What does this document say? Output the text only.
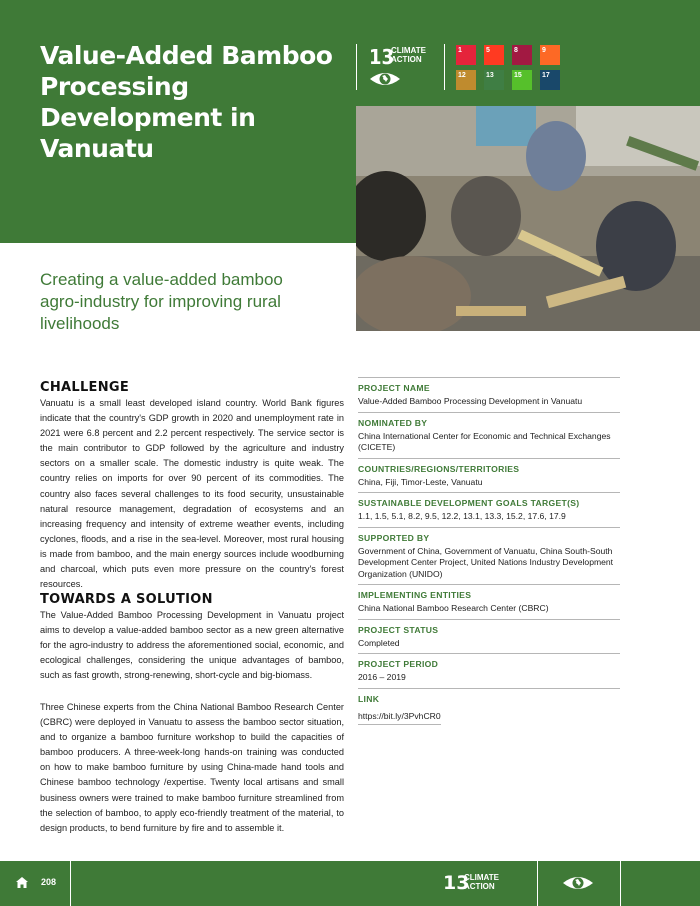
Value-Added Bamboo Processing Development in Vanuatu
13
CLIMATE
ACTION
1	5	8	9
12	13	15	17
Creating a value-added bamboo agro-industry for improving rural livelihoods
CHALLENGE

Vanuatu is a small least developed island country. World Bank figures indicate that the country's GDP growth in 2020 and unemployment rate in 2021 were 6.8 percent and 2.2 percent respectively. The service sector is the main contributor to GDP followed by the agriculture and industry sectors on a smaller scale. The domestic industry is quite weak. The country relies on imports for over 90 percent of its commodities. The country also faces several challenges to its food security, unsustainable natural resource management, degradation of ecosystems and an increasing frequency and intensity of extreme weather events, including cyclones, floods, and a rise in the sea-level. Moreover, most rural housing is made from bamboo, and the main energy sources include woodburning and charcoal, which puts even more pressure on the country's forest resources.

TOWARDS A SOLUTION

The Value-Added Bamboo Processing Development in Vanuatu project aims to develop a value-added bamboo sector as a new green alternative for the agro-industry to address the aforementioned social, economic, and ecological challenges, considering the unique advantages of bamboo, such as fast growth, strong-renewing, short-cycle and big-biomass.

Three Chinese experts from the China National Bamboo Research Center (CBRC) were deployed in Vanuatu to assess the bamboo sector situation, and to organize a bamboo furniture workshop to build the capacities of bamboo producers. A three-week-long hands-on training was conducted on how to make bamboo furniture by using China-made hand tools and Chinese bamboo technology /expertise. Twenty local artisans and small business owners were trained to make bamboo furniture streamlined from the selection of bamboo, to apply eco-friendly treatment of the material, to design products, to bend furniture by fire and to assemble it.

PROJECT NAME
Value-Added Bamboo Processing Development in Vanuatu
NOMINATED BY
China International Center for Economic and Technical Exchanges (CICETE)
COUNTRIES/REGIONS/TERRITORIES
China, Fiji, Timor-Leste, Vanuatu
SUSTAINABLE DEVELOPMENT GOALS TARGET(S)
1.1, 1.5, 5.1, 8.2, 9.5, 12.2, 13.1, 13.3, 15.2, 17.6, 17.9
SUPPORTED BY
Government of China, Government of Vanuatu, China South-South Development Center Project, United Nations Industry Development Organization (UNIDO)
IMPLEMENTING ENTITIES
China National Bamboo Research Center (CBRC)
PROJECT STATUS
Completed
PROJECT PERIOD
2016 – 2019
LINK
https://bit.ly/3PvhCR0
208	13
CLIMATE
ACTION
